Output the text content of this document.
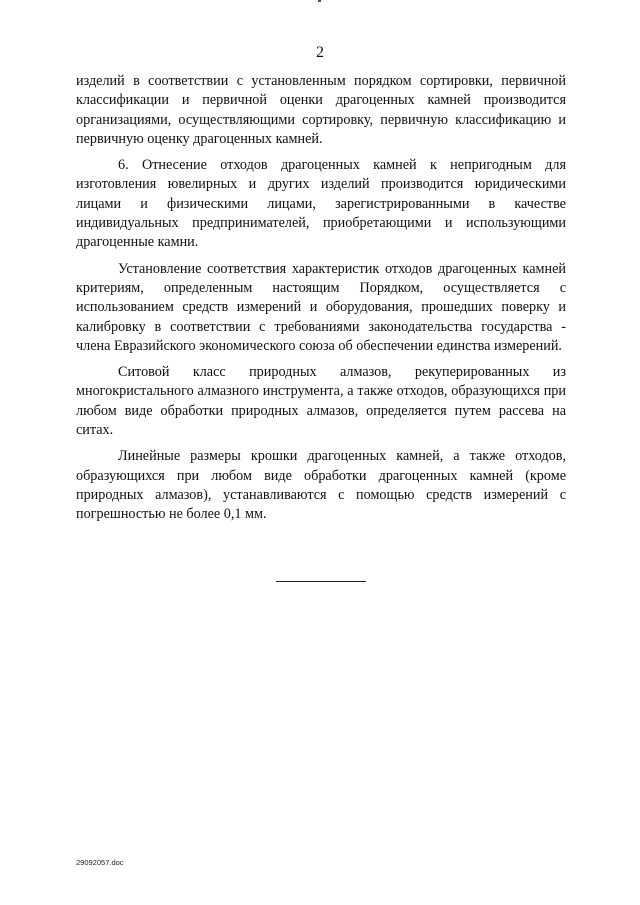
2

изделий в соответствии с установленным порядком сортировки, первичной классификации и первичной оценки драгоценных камней производится организациями, осуществляющими сортировку, первичную классификацию и первичную оценку драгоценных камней.

6. Отнесение отходов драгоценных камней к непригодным для изготовления ювелирных и других изделий производится юридическими лицами и физическими лицами, зарегистрированными в качестве индивидуальных предпринимателей, приобретающими и использующими драгоценные камни.

Установление соответствия характеристик отходов драгоценных камней критериям, определенным настоящим Порядком, осуществляется с использованием средств измерений и оборудования, прошедших поверку и калибровку в соответствии с требованиями законодательства государства - члена Евразийского экономического союза об обеспечении единства измерений.

Ситовой класс природных алмазов, рекуперированных из многокристального алмазного инструмента, а также отходов, образующихся при любом виде обработки природных алмазов, определяется путем рассева на ситах.

Линейные размеры крошки драгоценных камней, а также отходов, образующихся при любом виде обработки драгоценных камней (кроме природных алмазов), устанавливаются с помощью средств измерений с погрешностью не более 0,1 мм.

29092057.doc
